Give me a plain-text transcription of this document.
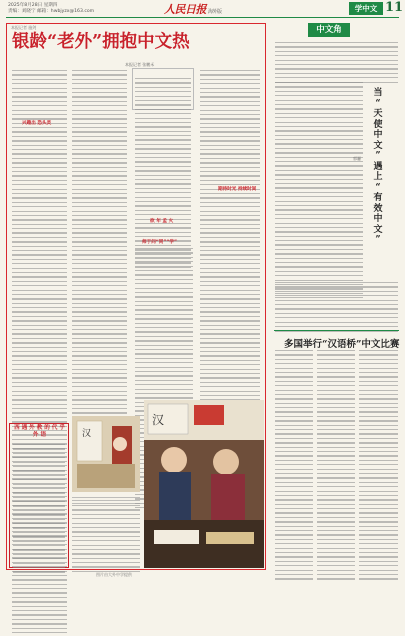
2025年8月28日 星期四
责编：刘晓宁 邮箱：hwbjyzx@163.com	人民日报 海外版	学中文 11
本报记者 施剑
银龄“老外”拥抱中文热
本报记者 张鹏禾
兴趣出 恐头灵
欲 年 孟 火
师于问“同”“学”
期待时光 持续时间
汉
汉
西 遇 外 教 的 代 乎 外 语
图片由大外中学提供
中文角
当
“
天
使
中
文
”
遇
上
“
有
效
中
文
”
郭骊
多国举行“汉语桥”中文比赛
